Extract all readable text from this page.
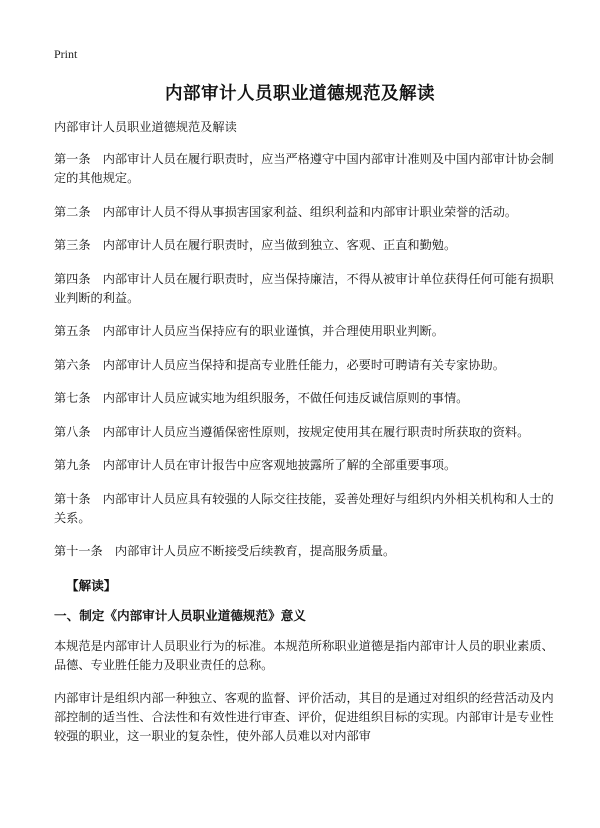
Print
内部审计人员职业道德规范及解读

内部审计人员职业道德规范及解读

第一条　内部审计人员在履行职责时，应当严格遵守中国内部审计准则及中国内部审计协会制定的其他规定。

第二条　内部审计人员不得从事损害国家利益、组织利益和内部审计职业荣誉的活动。

第三条　内部审计人员在履行职责时，应当做到独立、客观、正直和勤勉。

第四条　内部审计人员在履行职责时，应当保持廉洁，不得从被审计单位获得任何可能有损职业判断的利益。

第五条　内部审计人员应当保持应有的职业谨慎，并合理使用职业判断。

第六条　内部审计人员应当保持和提高专业胜任能力，必要时可聘请有关专家协助。

第七条　内部审计人员应诚实地为组织服务，不做任何违反诚信原则的事情。

第八条　内部审计人员应当遵循保密性原则，按规定使用其在履行职责时所获取的资料。

第九条　内部审计人员在审计报告中应客观地披露所了解的全部重要事项。

第十条　内部审计人员应具有较强的人际交往技能，妥善处理好与组织内外相关机构和人士的关系。

第十一条　内部审计人员应不断接受后续教育，提高服务质量。

【解读】
一、制定《内部审计人员职业道德规范》意义

本规范是内部审计人员职业行为的标准。本规范所称职业道德是指内部审计人员的职业素质、品德、专业胜任能力及职业责任的总称。

内部审计是组织内部一种独立、客观的监督、评价活动，其目的是通过对组织的经营活动及内部控制的适当性、合法性和有效性进行审查、评价，促进组织目标的实现。内部审计是专业性较强的职业，这一职业的复杂性，使外部人员难以对内部审
